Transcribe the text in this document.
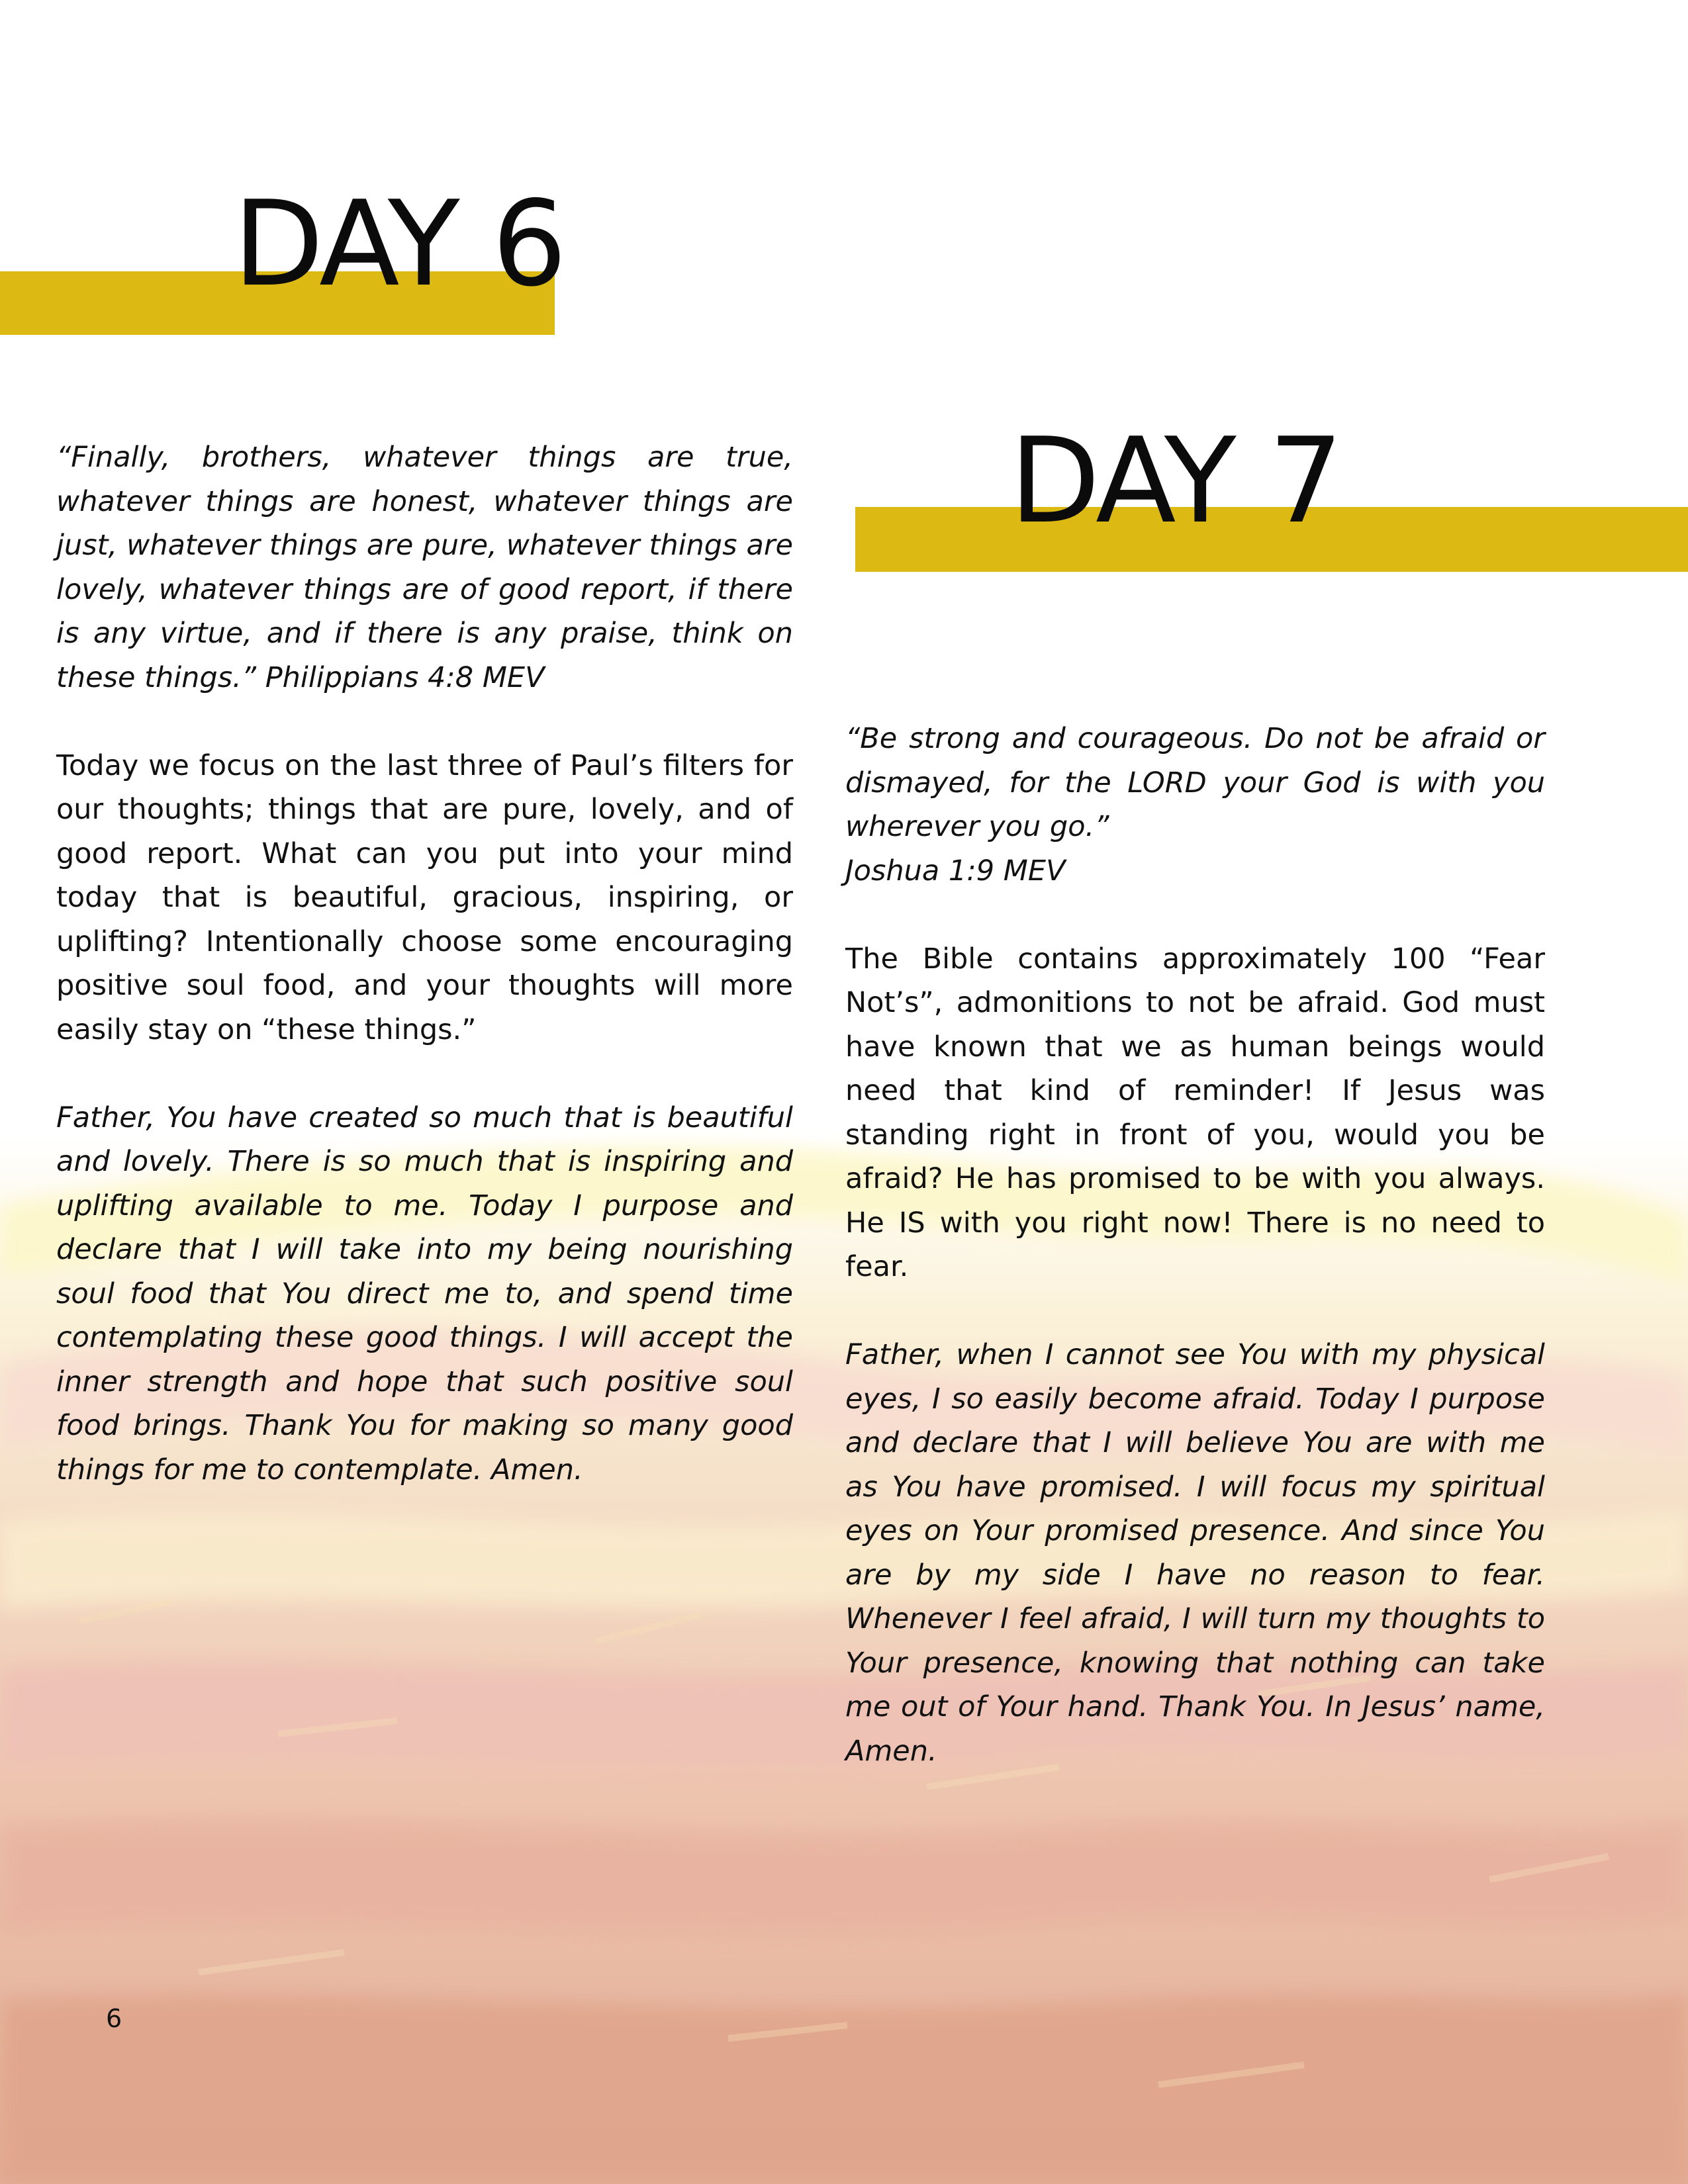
DAY 6
DAY 7

“Finally, brothers, whatever things are true, whatever things are honest, whatever things are just, whatever things are pure, whatever things are lovely, whatever things are of good report, if there is any virtue, and if there is any praise, think on these things.” Philippians 4:8 MEV

Today we focus on the last three of Paul’s filters for our thoughts; things that are pure, lovely, and of good report. What can you put into your mind today that is beautiful, gracious, inspiring, or uplifting? Intentionally choose some encouraging positive soul food, and your thoughts will more easily stay on “these things.”

Father, You have created so much that is beautiful and lovely. There is so much that is inspiring and uplifting available to me. Today I purpose and declare that I will take into my being nourishing soul food that You direct me to, and spend time contemplating these good things. I will accept the inner strength and hope that such positive soul food brings. Thank You for making so many good things for me to contemplate. Amen.

“Be strong and courageous. Do not be afraid or dismayed, for the LORD your God is with you wherever you go.”
Joshua 1:9 MEV

The Bible contains approximately 100 “Fear Not’s”, admonitions to not be afraid. God must have known that we as human beings would need that kind of reminder! If Jesus was standing right in front of you, would you be afraid? He has promised to be with you always. He IS with you right now! There is no need to fear.

Father, when I cannot see You with my physical eyes, I so easily become afraid. Today I purpose and declare that I will believe You are with me as You have promised. I will focus my spiritual eyes on Your promised presence. And since You are by my side I have no reason to fear. Whenever I feel afraid, I will turn my thoughts to Your presence, knowing that nothing can take me out of Your hand. Thank You. In Jesus’ name, Amen.

6
